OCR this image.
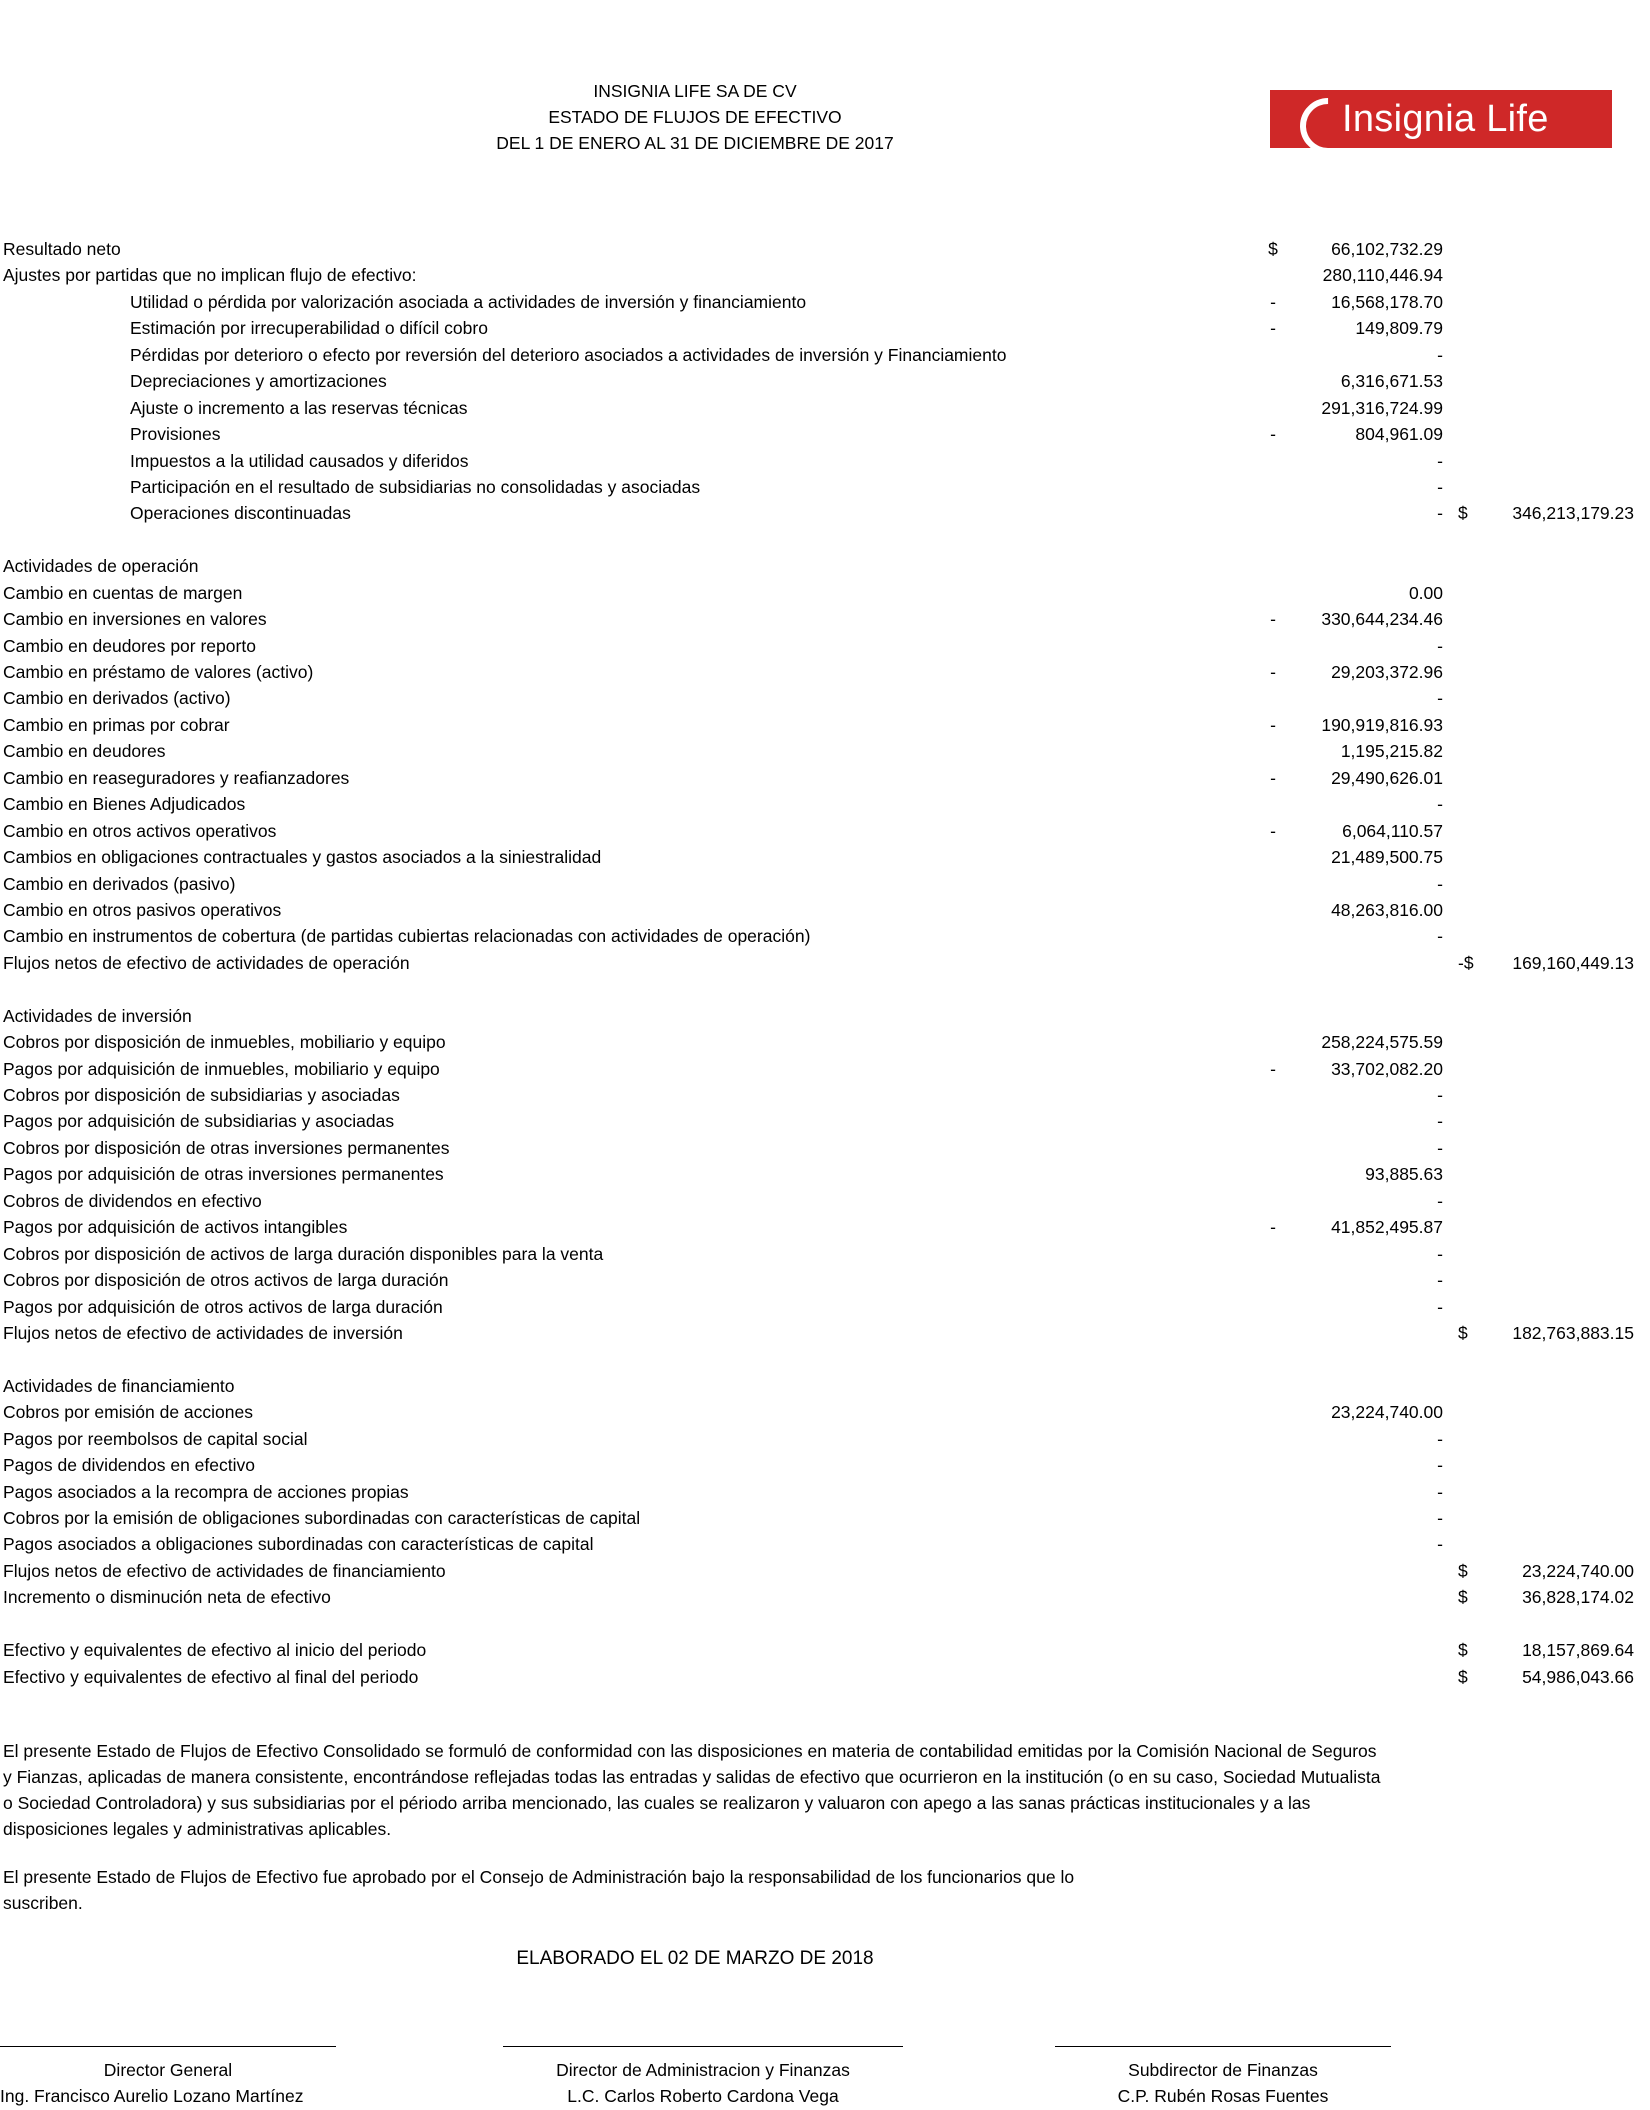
INSIGNIA LIFE SA DE CV
ESTADO DE FLUJOS DE EFECTIVO
DEL 1 DE ENERO AL 31 DE DICIEMBRE DE 2017
Insignia Life
Resultado neto	$	66,102,732.29
Ajustes por partidas que no implican flujo de efectivo:	280,110,446.94
Utilidad o pérdida por valorización asociada a actividades de inversión y financiamiento	-	16,568,178.70
Estimación por irrecuperabilidad o difícil cobro	-	149,809.79
Pérdidas por deterioro o efecto por reversión del deterioro asociados a actividades de inversión y Financiamiento	-
Depreciaciones y amortizaciones	6,316,671.53
Ajuste o incremento a las reservas técnicas	291,316,724.99
Provisiones	-	804,961.09
Impuestos a la utilidad causados y diferidos	-
Participación en el resultado de subsidiarias no consolidadas y asociadas	-
Operaciones discontinuadas	- $	346,213,179.23
Actividades de operación
Cambio en cuentas de margen	0.00
Cambio en inversiones en valores	-	330,644,234.46
Cambio en deudores por reporto	-
Cambio en préstamo de valores (activo)	-	29,203,372.96
Cambio en derivados (activo)	-
Cambio en primas por cobrar	-	190,919,816.93
Cambio en deudores	1,195,215.82
Cambio en reaseguradores y reafianzadores	-	29,490,626.01
Cambio en Bienes Adjudicados	-
Cambio en otros activos operativos	-	6,064,110.57
Cambios en obligaciones contractuales y gastos asociados a la siniestralidad	21,489,500.75
Cambio en derivados (pasivo)	-
Cambio en otros pasivos operativos	48,263,816.00
Cambio en instrumentos de cobertura (de partidas cubiertas relacionadas con actividades de operación)	-
Flujos netos de efectivo de actividades de operación	-$	169,160,449.13
Actividades de inversión
Cobros por disposición de inmuebles, mobiliario y equipo	258,224,575.59
Pagos por adquisición de inmuebles, mobiliario y equipo	-	33,702,082.20
Cobros por disposición de subsidiarias y asociadas	-
Pagos por adquisición de subsidiarias y asociadas	-
Cobros por disposición de otras inversiones permanentes	-
Pagos por adquisición de otras inversiones permanentes	93,885.63
Cobros de dividendos en efectivo	-
Pagos por adquisición de activos intangibles	-	41,852,495.87
Cobros por disposición de activos de larga duración disponibles para la venta	-
Cobros por disposición de otros activos de larga duración	-
Pagos por adquisición de otros activos de larga duración	-
Flujos netos de efectivo de actividades de inversión	$	182,763,883.15
Actividades de financiamiento
Cobros por emisión de acciones	23,224,740.00
Pagos por reembolsos de capital social	-
Pagos de dividendos en efectivo	-
Pagos asociados a la recompra de acciones propias	-
Cobros por la emisión de obligaciones subordinadas con características de capital	-
Pagos asociados a obligaciones subordinadas con características de capital	-
Flujos netos de efectivo de actividades de financiamiento	$	23,224,740.00
Incremento o disminución neta de efectivo	$	36,828,174.02
Efectivo y equivalentes de efectivo al inicio del periodo	$	18,157,869.64
Efectivo y equivalentes de efectivo al final del periodo	$	54,986,043.66

El presente Estado de Flujos de Efectivo Consolidado se formuló de conformidad con las disposiciones en materia de contabilidad emitidas por la Comisión Nacional de Seguros y Fianzas, aplicadas de manera consistente, encontrándose reflejadas todas las entradas y salidas de efectivo que ocurrieron en la institución (o en su caso, Sociedad Mutualista o Sociedad Controladora) y sus subsidiarias por el périodo arriba mencionado, las cuales se realizaron y valuaron con apego a las sanas prácticas institucionales y a las disposiciones legales y administrativas aplicables.

El presente Estado de Flujos de Efectivo fue aprobado por el Consejo de Administración bajo la responsabilidad de los funcionarios que lo suscriben.

ELABORADO EL 02 DE MARZO DE 2018
Director General
Ing. Francisco Aurelio Lozano Martínez
Director de Administracion y Finanzas
L.C. Carlos Roberto Cardona Vega
Subdirector de Finanzas
C.P. Rubén Rosas Fuentes
